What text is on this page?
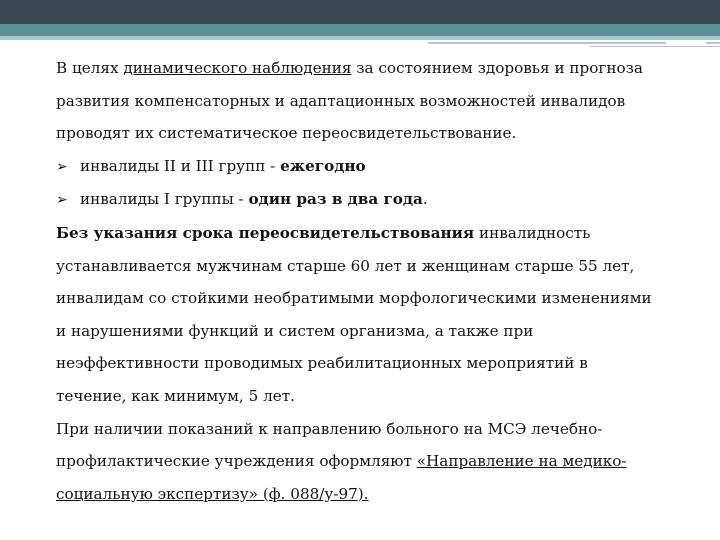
В целях динамического наблюдения за состоянием здоровья и прогноза
развития компенсаторных и адаптационных возможностей инвалидов
проводят их систематическое переосвидетельствование.
➢ инвалиды II и III групп - ежегодно
➢ инвалиды I группы - один раз в два года.
Без указания срока переосвидетельствования инвалидность
устанавливается мужчинам старше 60 лет и женщинам старше 55 лет,
инвалидам со стойкими необратимыми морфологическими изменениями
и нарушениями функций и систем организма, а также при
неэффективности проводимых реабилитационных мероприятий в
течение, как минимум, 5 лет.
При наличии показаний к направлению больного на МСЭ лечебно-
профилактические учреждения оформляют «Направление на медико-
социальную экспертизу» (ф. 088/у-97).
